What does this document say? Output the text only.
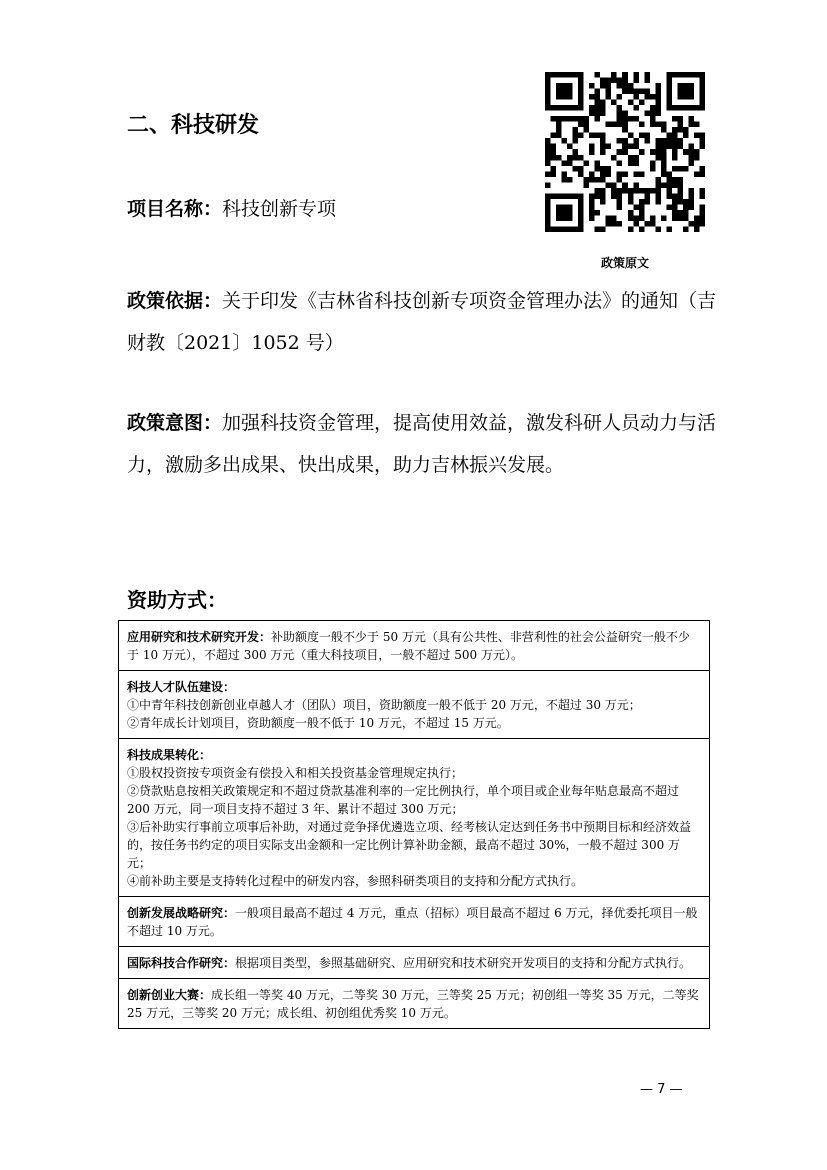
二、科技研发
政策原文

项目名称：科技创新专项

政策依据：关于印发《吉林省科技创新专项资金管理办法》的通知（吉财教〔2021〕1052 号）

政策意图：加强科技资金管理，提高使用效益，激发科研人员动力与活力，激励多出成果、快出成果，助力吉林振兴发展。

资助方式：
应用研究和技术研究开发：补助额度一般不少于 50 万元（具有公共性、非营利性的社会公益研究一般不少于 10 万元），不超过 300 万元（重大科技项目，一般不超过 500 万元）。
科技人才队伍建设：
①中青年科技创新创业卓越人才（团队）项目，资助额度一般不低于 20 万元，不超过 30 万元；
②青年成长计划项目，资助额度一般不低于 10 万元，不超过 15 万元。
科技成果转化：
①股权投资按专项资金有偿投入和相关投资基金管理规定执行；
②贷款贴息按相关政策规定和不超过贷款基准利率的一定比例执行，单个项目或企业每年贴息最高不超过 200 万元，同一项目支持不超过 3 年、累计不超过 300 万元；
③后补助实行事前立项事后补助，对通过竞争择优遴选立项、经考核认定达到任务书中预期目标和经济效益的，按任务书约定的项目实际支出金额和一定比例计算补助金额，最高不超过 30%，一般不超过 300 万元；
④前补助主要是支持转化过程中的研发内容，参照科研类项目的支持和分配方式执行。
创新发展战略研究：一般项目最高不超过 4 万元，重点（招标）项目最高不超过 6 万元，择优委托项目一般不超过 10 万元。
国际科技合作研究：根据项目类型，参照基础研究、应用研究和技术研究开发项目的支持和分配方式执行。
创新创业大赛：成长组一等奖 40 万元，二等奖 30 万元，三等奖 25 万元；初创组一等奖 35 万元，二等奖 25 万元，三等奖 20 万元；成长组、初创组优秀奖 10 万元。
— 7 —
